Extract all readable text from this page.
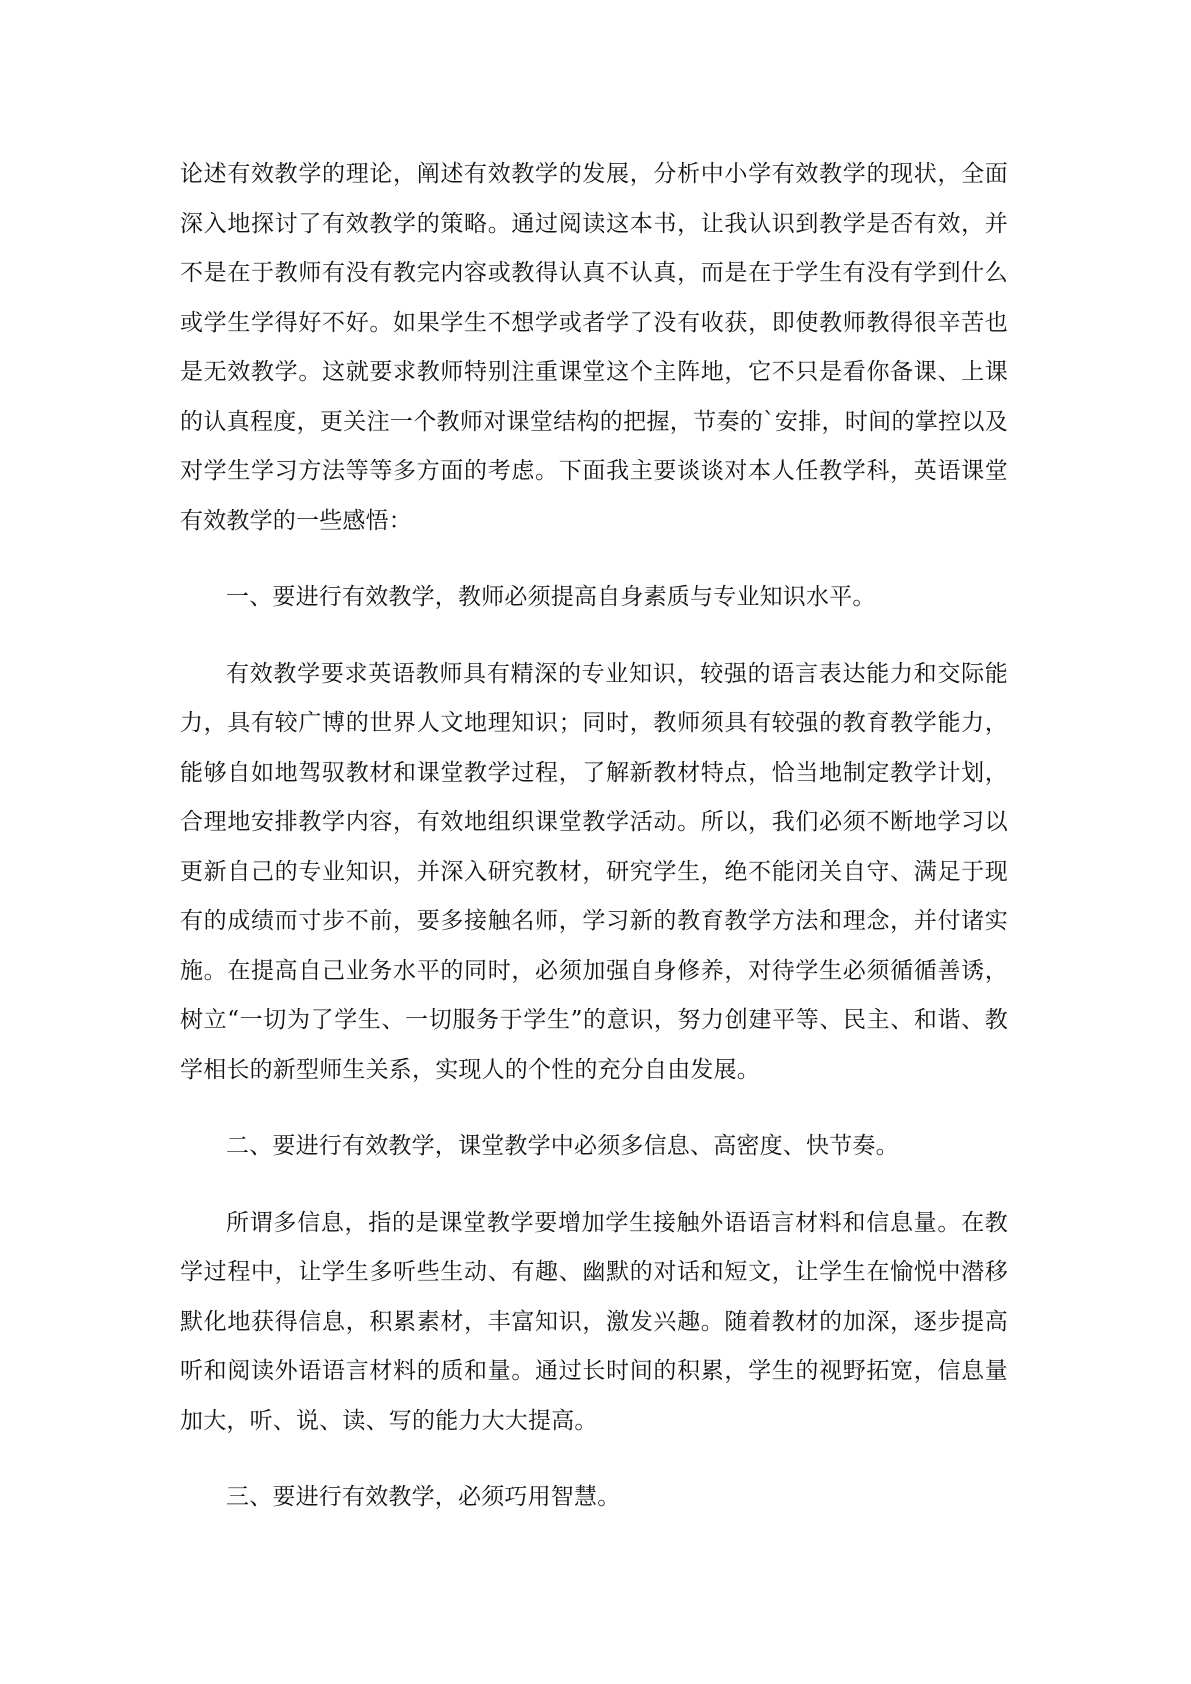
论述有效教学的理论，阐述有效教学的发展，分析中小学有效教学的现状，全面深入地探讨了有效教学的策略。通过阅读这本书，让我认识到教学是否有效，并不是在于教师有没有教完内容或教得认真不认真，而是在于学生有没有学到什么或学生学得好不好。如果学生不想学或者学了没有收获，即使教师教得很辛苦也是无效教学。这就要求教师特别注重课堂这个主阵地，它不只是看你备课、上课的认真程度，更关注一个教师对课堂结构的把握，节奏的`安排，时间的掌控以及对学生学习方法等等多方面的考虑。下面我主要谈谈对本人任教学科，英语课堂有效教学的一些感悟：

一、要进行有效教学，教师必须提高自身素质与专业知识水平。

有效教学要求英语教师具有精深的专业知识，较强的语言表达能力和交际能力，具有较广博的世界人文地理知识；同时，教师须具有较强的教育教学能力，能够自如地驾驭教材和课堂教学过程，了解新教材特点，恰当地制定教学计划，合理地安排教学内容，有效地组织课堂教学活动。所以，我们必须不断地学习以更新自己的专业知识，并深入研究教材，研究学生，绝不能闭关自守、满足于现有的成绩而寸步不前，要多接触名师，学习新的教育教学方法和理念，并付诸实施。在提高自己业务水平的同时，必须加强自身修养，对待学生必须循循善诱，树立“一切为了学生、一切服务于学生”的意识，努力创建平等、民主、和谐、教学相长的新型师生关系，实现人的个性的充分自由发展。

二、要进行有效教学，课堂教学中必须多信息、高密度、快节奏。

所谓多信息，指的是课堂教学要增加学生接触外语语言材料和信息量。在教学过程中，让学生多听些生动、有趣、幽默的对话和短文，让学生在愉悦中潜移默化地获得信息，积累素材，丰富知识，激发兴趣。随着教材的加深，逐步提高听和阅读外语语言材料的质和量。通过长时间的积累，学生的视野拓宽，信息量加大，听、说、读、写的能力大大提高。

三、要进行有效教学，必须巧用智慧。
